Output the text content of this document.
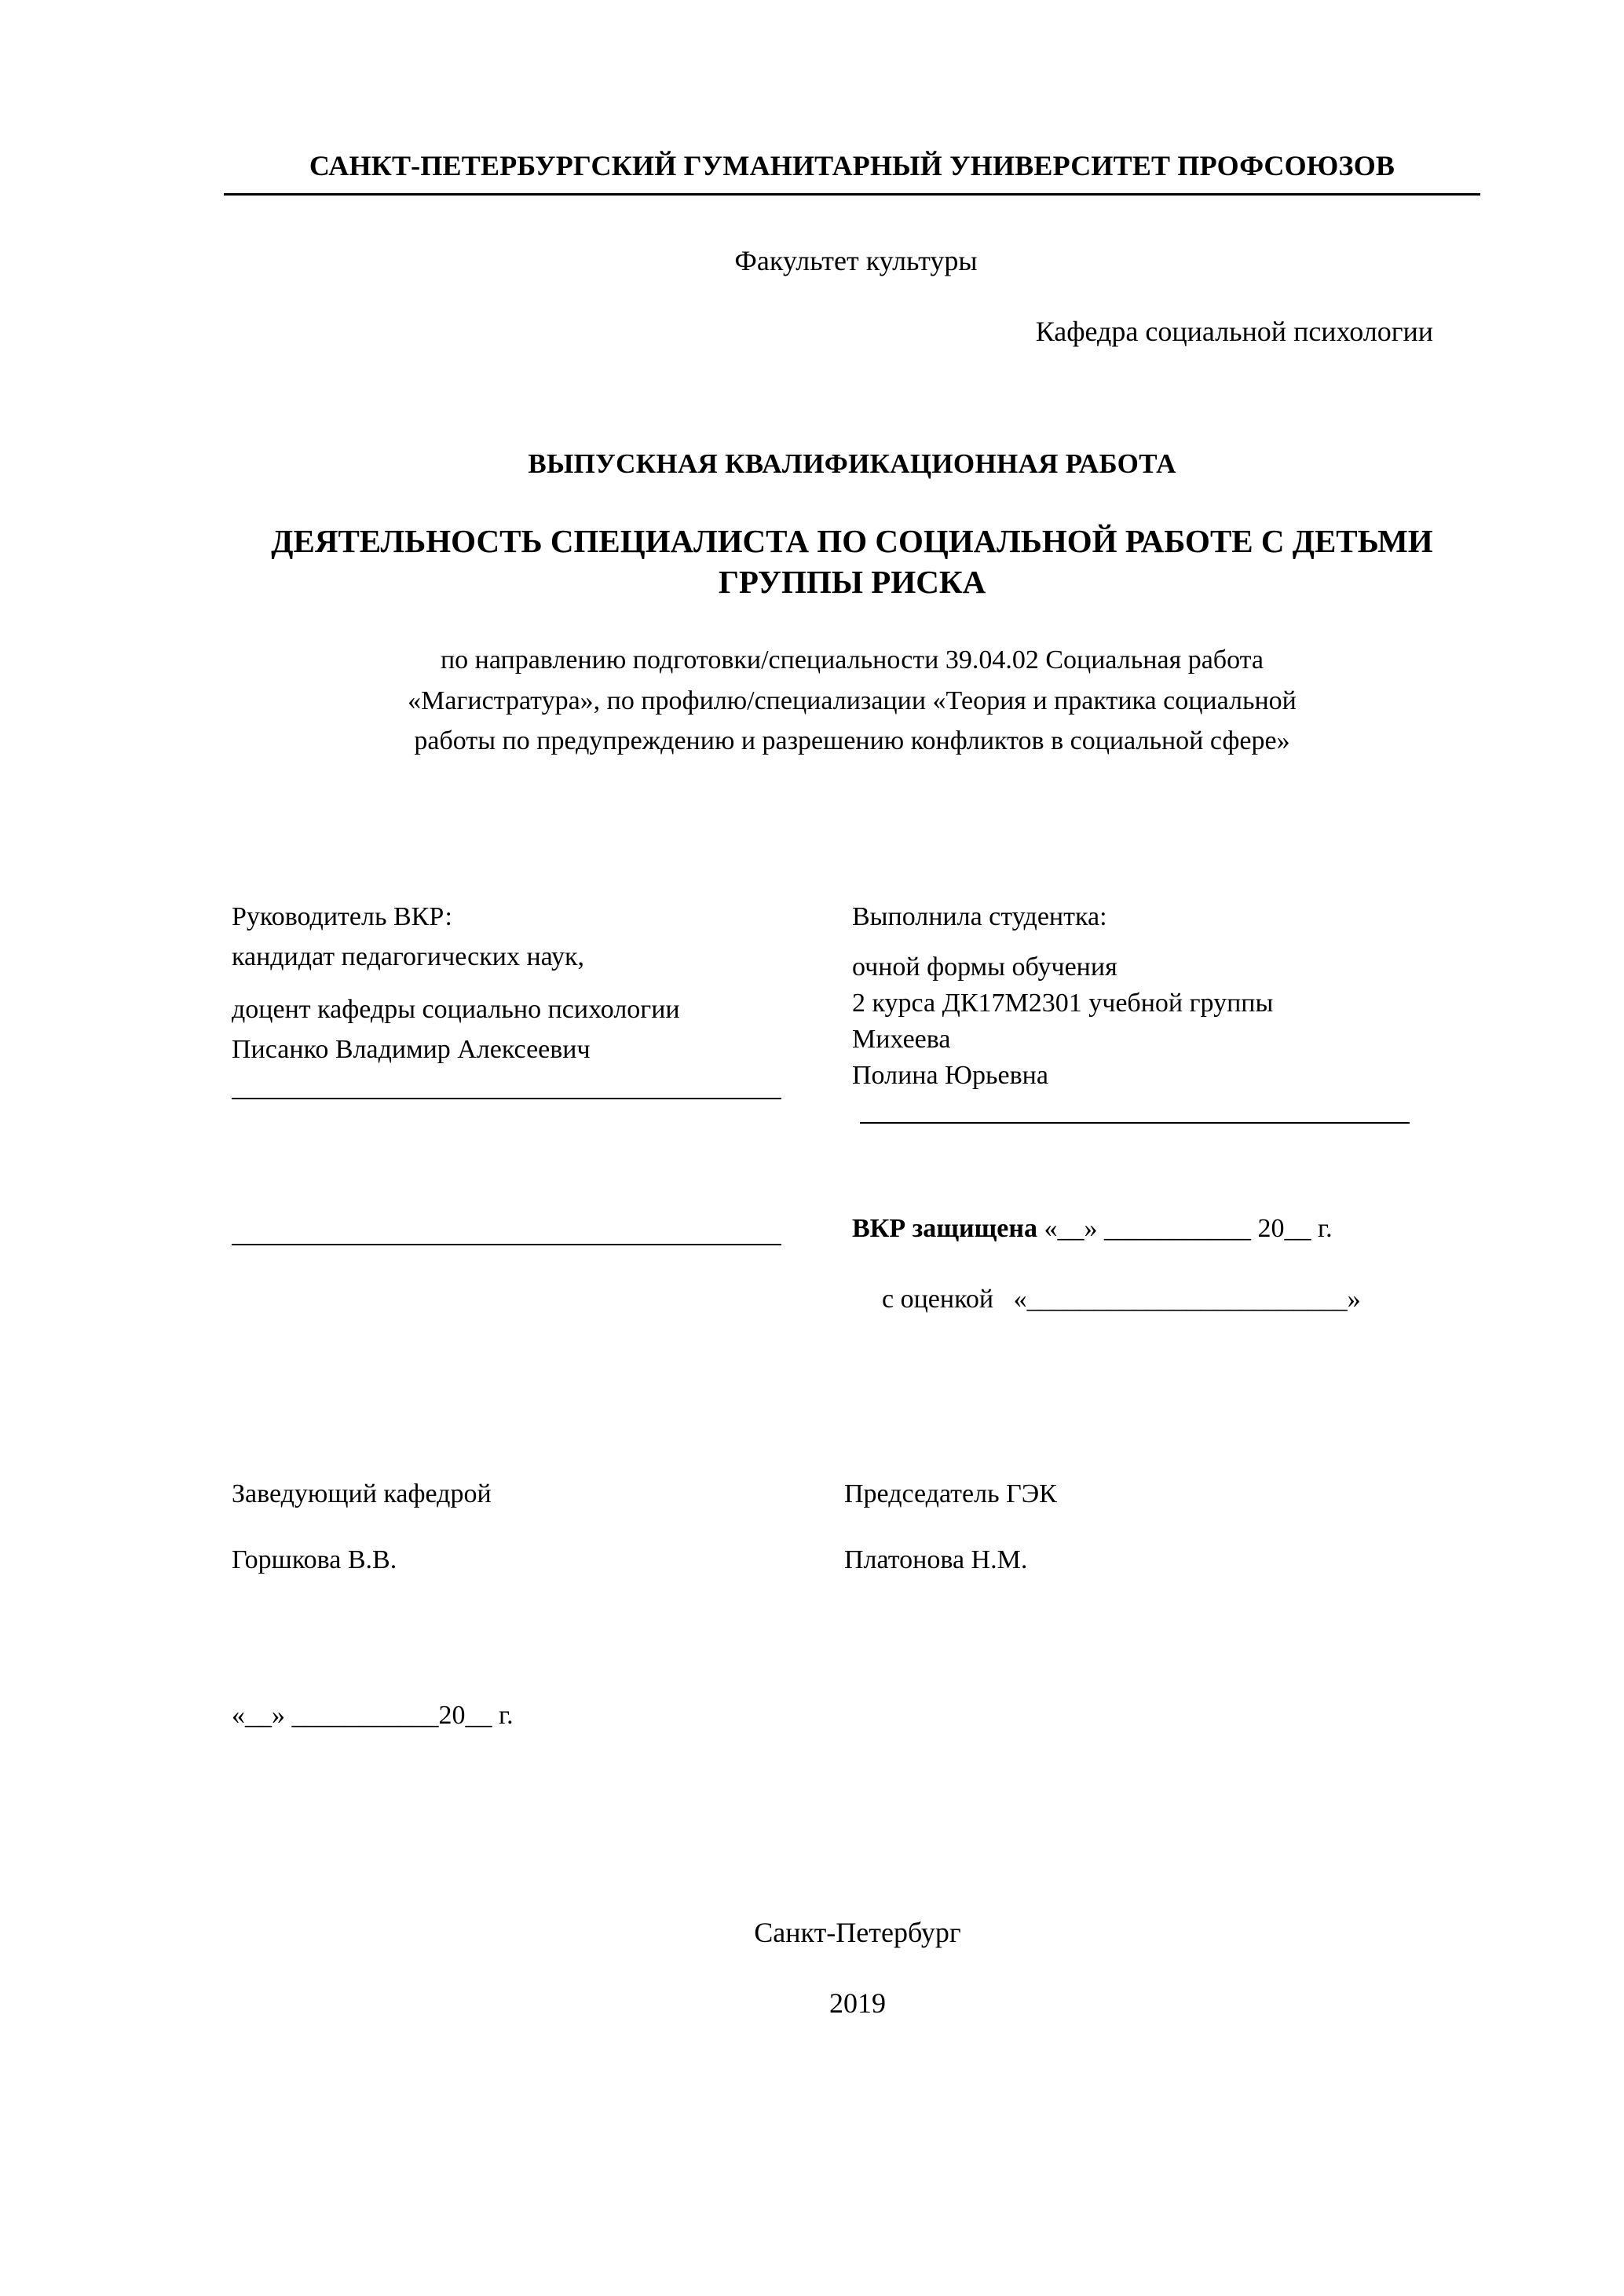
САНКТ-ПЕТЕРБУРГСКИЙ ГУМАНИТАРНЫЙ УНИВЕРСИТЕТ ПРОФСОЮЗОВ
Факультет культуры
Кафедра социальной психологии
ВЫПУСКНАЯ КВАЛИФИКАЦИОННАЯ РАБОТА
ДЕЯТЕЛЬНОСТЬ СПЕЦИАЛИСТА ПО СОЦИАЛЬНОЙ РАБОТЕ С ДЕТЬМИ ГРУППЫ РИСКА
по направлению подготовки/специальности 39.04.02 Социальная работа
«Магистратура», по профилю/специализации «Теория и практика социальной
работы по предупреждению и разрешению конфликтов в социальной сфере»
Руководитель ВКР:
кандидат педагогических наук,
доцент кафедры социально психологии
Писанко Владимир Алексеевич
Выполнила студентка:
очной формы обучения
2 курса ДК17М2301 учебной группы
Михеева
Полина Юрьевна
ВКР защищена «__» ___________ 20__ г.
с оценкой «________________________»
Заведующий кафедрой
Горшкова В.В.
Председатель ГЭК
Платонова Н.М.
«__» ___________20__ г.
Санкт-Петербург
2019
